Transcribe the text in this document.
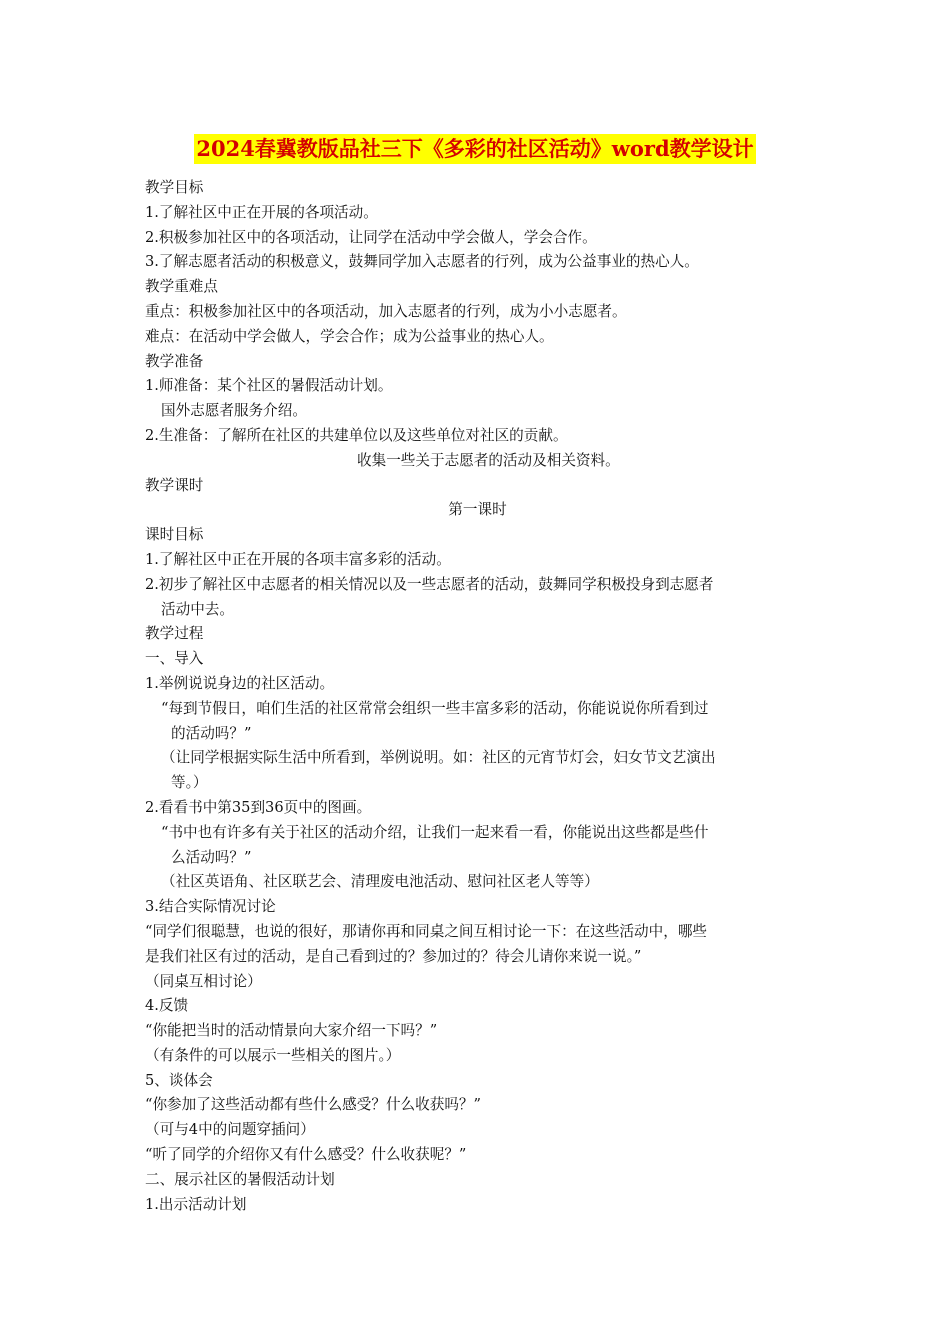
2024春冀教版品社三下《多彩的社区活动》word教学设计
教学目标
1.了解社区中正在开展的各项活动。
2.积极参加社区中的各项活动，让同学在活动中学会做人，学会合作。
3.了解志愿者活动的积极意义，鼓舞同学加入志愿者的行列，成为公益事业的热心人。
教学重难点
重点：积极参加社区中的各项活动，加入志愿者的行列，成为小小志愿者。
难点：在活动中学会做人，学会合作；成为公益事业的热心人。
教学准备
1.师准备：某个社区的暑假活动计划。
国外志愿者服务介绍。
2.生准备：了解所在社区的共建单位以及这些单位对社区的贡献。
收集一些关于志愿者的活动及相关资料。
教学课时
第一课时
课时目标
1.了解社区中正在开展的各项丰富多彩的活动。
2.初步了解社区中志愿者的相关情况以及一些志愿者的活动，鼓舞同学积极投身到志愿者
活动中去。
教学过程
一、导入
1.举例说说身边的社区活动。
“每到节假日，咱们生活的社区常常会组织一些丰富多彩的活动，你能说说你所看到过
的活动吗？”
（让同学根据实际生活中所看到，举例说明。如：社区的元宵节灯会，妇女节文艺演出
等。）
2.看看书中第35到36页中的图画。
“书中也有许多有关于社区的活动介绍，让我们一起来看一看，你能说出这些都是些什
么活动吗？”
（社区英语角、社区联艺会、清理废电池活动、慰问社区老人等等）
3.结合实际情况讨论
“同学们很聪慧，也说的很好，那请你再和同桌之间互相讨论一下：在这些活动中，哪些
是我们社区有过的活动，是自己看到过的？参加过的？待会儿请你来说一说。”
（同桌互相讨论）
4.反馈
“你能把当时的活动情景向大家介绍一下吗？”
（有条件的可以展示一些相关的图片。）
5、谈体会
“你参加了这些活动都有些什么感受？什么收获吗？”
（可与4中的问题穿插问）
“听了同学的介绍你又有什么感受？什么收获呢？”
二、展示社区的暑假活动计划
1.出示活动计划
